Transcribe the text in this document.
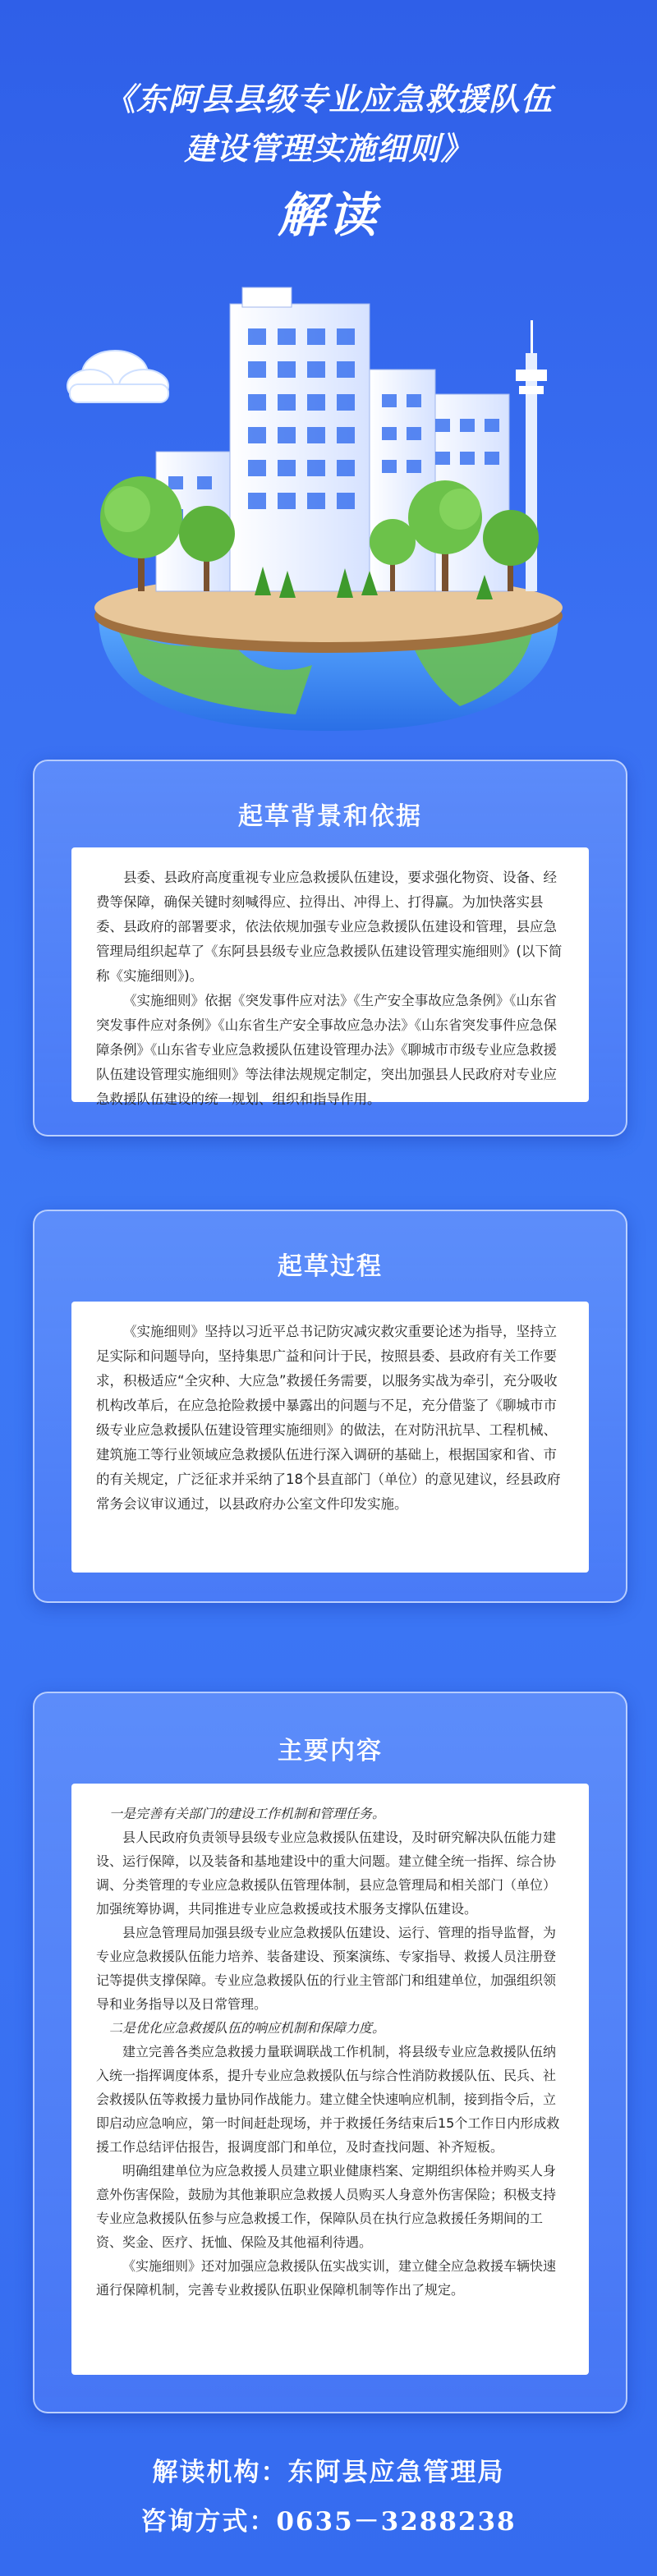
《东阿县县级专业应急救援队伍
建设管理实施细则》
解读
起草背景和依据

县委、县政府高度重视专业应急救援队伍建设，要求强化物资、设备、经费等保障，确保关键时刻喊得应、拉得出、冲得上、打得赢。为加快落实县委、县政府的部署要求，依法依规加强专业应急救援队伍建设和管理，县应急管理局组织起草了《东阿县县级专业应急救援队伍建设管理实施细则》(以下简称《实施细则》)。

《实施细则》依据《突发事件应对法》《生产安全事故应急条例》《山东省突发事件应对条例》《山东省生产安全事故应急办法》《山东省突发事件应急保障条例》《山东省专业应急救援队伍建设管理办法》《聊城市市级专业应急救援队伍建设管理实施细则》等法律法规规定制定，突出加强县人民政府对专业应急救援队伍建设的统一规划、组织和指导作用。

起草过程

《实施细则》坚持以习近平总书记防灾减灾救灾重要论述为指导，坚持立足实际和问题导向，坚持集思广益和问计于民，按照县委、县政府有关工作要求，积极适应“全灾种、大应急”救援任务需要，以服务实战为牵引，充分吸收机构改革后，在应急抢险救援中暴露出的问题与不足，充分借鉴了《聊城市市级专业应急救援队伍建设管理实施细则》的做法，在对防汛抗旱、工程机械、建筑施工等行业领域应急救援队伍进行深入调研的基础上，根据国家和省、市的有关规定，广泛征求并采纳了18个县直部门（单位）的意见建议，经县政府常务会议审议通过，以县政府办公室文件印发实施。

主要内容

一是完善有关部门的建设工作机制和管理任务。

县人民政府负责领导县级专业应急救援队伍建设，及时研究解决队伍能力建设、运行保障，以及装备和基地建设中的重大问题。建立健全统一指挥、综合协调、分类管理的专业应急救援队伍管理体制，县应急管理局和相关部门（单位）加强统筹协调，共同推进专业应急救援或技术服务支撑队伍建设。

县应急管理局加强县级专业应急救援队伍建设、运行、管理的指导监督，为专业应急救援队伍能力培养、装备建设、预案演练、专家指导、救援人员注册登记等提供支撑保障。专业应急救援队伍的行业主管部门和组建单位，加强组织领导和业务指导以及日常管理。

二是优化应急救援队伍的响应机制和保障力度。

建立完善各类应急救援力量联调联战工作机制，将县级专业应急救援队伍纳入统一指挥调度体系，提升专业应急救援队伍与综合性消防救援队伍、民兵、社会救援队伍等救援力量协同作战能力。建立健全快速响应机制，接到指令后，立即启动应急响应，第一时间赶赴现场，并于救援任务结束后15个工作日内形成救援工作总结评估报告，报调度部门和单位，及时查找问题、补齐短板。

明确组建单位为应急救援人员建立职业健康档案、定期组织体检并购买人身意外伤害保险，鼓励为其他兼职应急救援人员购买人身意外伤害保险；积极支持专业应急救援队伍参与应急救援工作，保障队员在执行应急救援任务期间的工资、奖金、医疗、抚恤、保险及其他福利待遇。

《实施细则》还对加强应急救援队伍实战实训，建立健全应急救援车辆快速通行保障机制，完善专业救援队伍职业保障机制等作出了规定。

解读机构：东阿县应急管理局
咨询方式：0635－3288238
